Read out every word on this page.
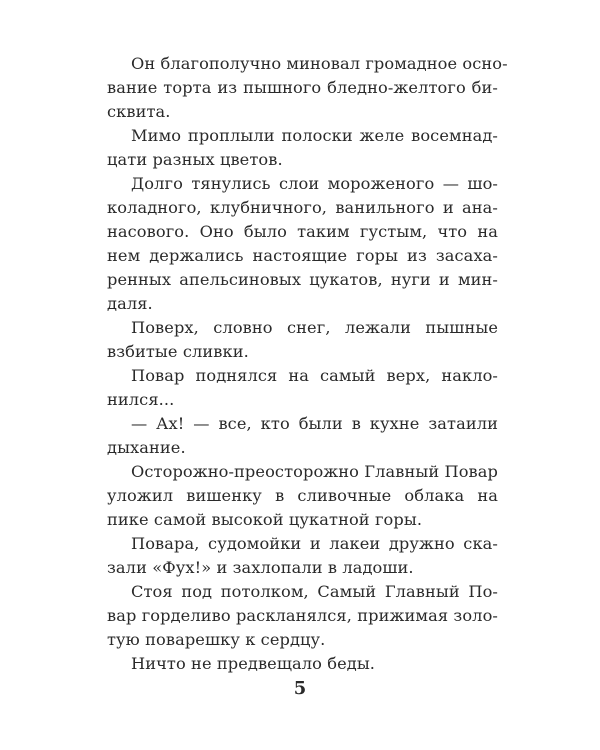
Он благополучно миновал громадное осно-
вание торта из пышного бледно-желтого би-
сквита.
Мимо проплыли полоски желе восемнад-
цати разных цветов.
Долго тянулись слои мороженого — шо-
коладного, клубничного, ванильного и ана-
насового. Оно было таким густым, что на
нем держались настоящие горы из засаха-
ренных апельсиновых цукатов, нуги и мин-
даля.
Поверх, словно снег, лежали пышные
взбитые сливки.
Повар поднялся на самый верх, накло-
нился...
— Ах! — все, кто были в кухне затаили
дыхание.
Осторожно-преосторожно Главный Повар
уложил вишенку в сливочные облака на
пике самой высокой цукатной горы.
Повара, судомойки и лакеи дружно ска-
зали «Фух!» и захлопали в ладоши.
Стоя под потолком, Самый Главный По-
вар горделиво раскланялся, прижимая золо-
тую поварешку к сердцу.
Ничто не предвещало беды.
5
